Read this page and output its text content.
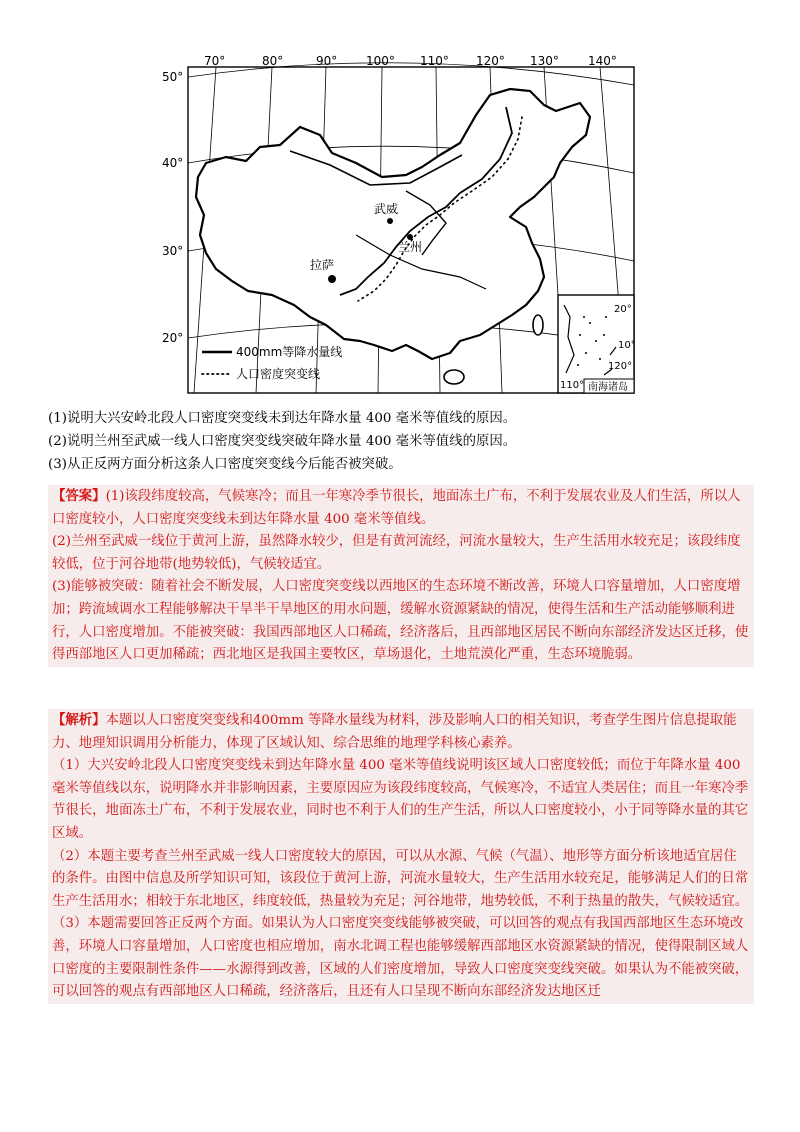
武威
兰州
拉萨
70°	80°	90° 100° 110° 120° 130° 140°
50°
40°
30°
20°
400mm等降水量线
人口密度突变线
20°
10°
110°
120°
南海诸岛
(1)说明大兴安岭北段人口密度突变线未到达年降水量 400 毫米等值线的原因。
(2)说明兰州至武威一线人口密度突变线突破年降水量 400 毫米等值线的原因。
(3)从正反两方面分析这条人口密度突变线今后能否被突破。

【答案】(1)该段纬度较高，气候寒冷；而且一年寒冷季节很长，地面冻土广布，不利于发展农业及人们生活，所以人口密度较小，人口密度突变线未到达年降水量 400 毫米等值线。

(2)兰州至武威一线位于黄河上游，虽然降水较少，但是有黄河流经，河流水量较大，生产生活用水较充足；该段纬度较低，位于河谷地带(地势较低)，气候较适宜。

(3)能够被突破：随着社会不断发展，人口密度突变线以西地区的生态环境不断改善，环境人口容量增加，人口密度增加；跨流域调水工程能够解决干旱半干旱地区的用水问题，缓解水资源紧缺的情况，使得生活和生产活动能够顺利进行，人口密度增加。不能被突破：我国西部地区人口稀疏，经济落后，且西部地区居民不断向东部经济发达区迁移，使得西部地区人口更加稀疏；西北地区是我国主要牧区，草场退化，土地荒漠化严重，生态环境脆弱。

【解析】本题以人口密度突变线和400mm 等降水量线为材料，涉及影响人口的相关知识，考查学生图片信息提取能力、地理知识调用分析能力，体现了区域认知、综合思维的地理学科核心素养。

（1）大兴安岭北段人口密度突变线未到达年降水量 400 毫米等值线说明该区域人口密度较低；而位于年降水量 400 毫米等值线以东，说明降水并非影响因素，主要原因应为该段纬度较高，气候寒冷，不适宜人类居住；而且一年寒冷季节很长，地面冻土广布，不利于发展农业，同时也不利于人们的生产生活，所以人口密度较小，小于同等降水量的其它区域。

（2）本题主要考查兰州至武威一线人口密度较大的原因，可以从水源、气候（气温）、地形等方面分析该地适宜居住的条件。由图中信息及所学知识可知，该段位于黄河上游，河流水量较大，生产生活用水较充足，能够满足人们的日常生产生活用水；相较于东北地区，纬度较低，热量较为充足；河谷地带，地势较低，不利于热量的散失，气候较适宜。

（3）本题需要回答正反两个方面。如果认为人口密度突变线能够被突破，可以回答的观点有我国西部地区生态环境改善，环境人口容量增加，人口密度也相应增加，南水北调工程也能够缓解西部地区水资源紧缺的情况，使得限制区域人口密度的主要限制性条件——水源得到改善，区域的人们密度增加，导致人口密度突变线突破。如果认为不能被突破，可以回答的观点有西部地区人口稀疏，经济落后，且还有人口呈现不断向东部经济发达地区迁
